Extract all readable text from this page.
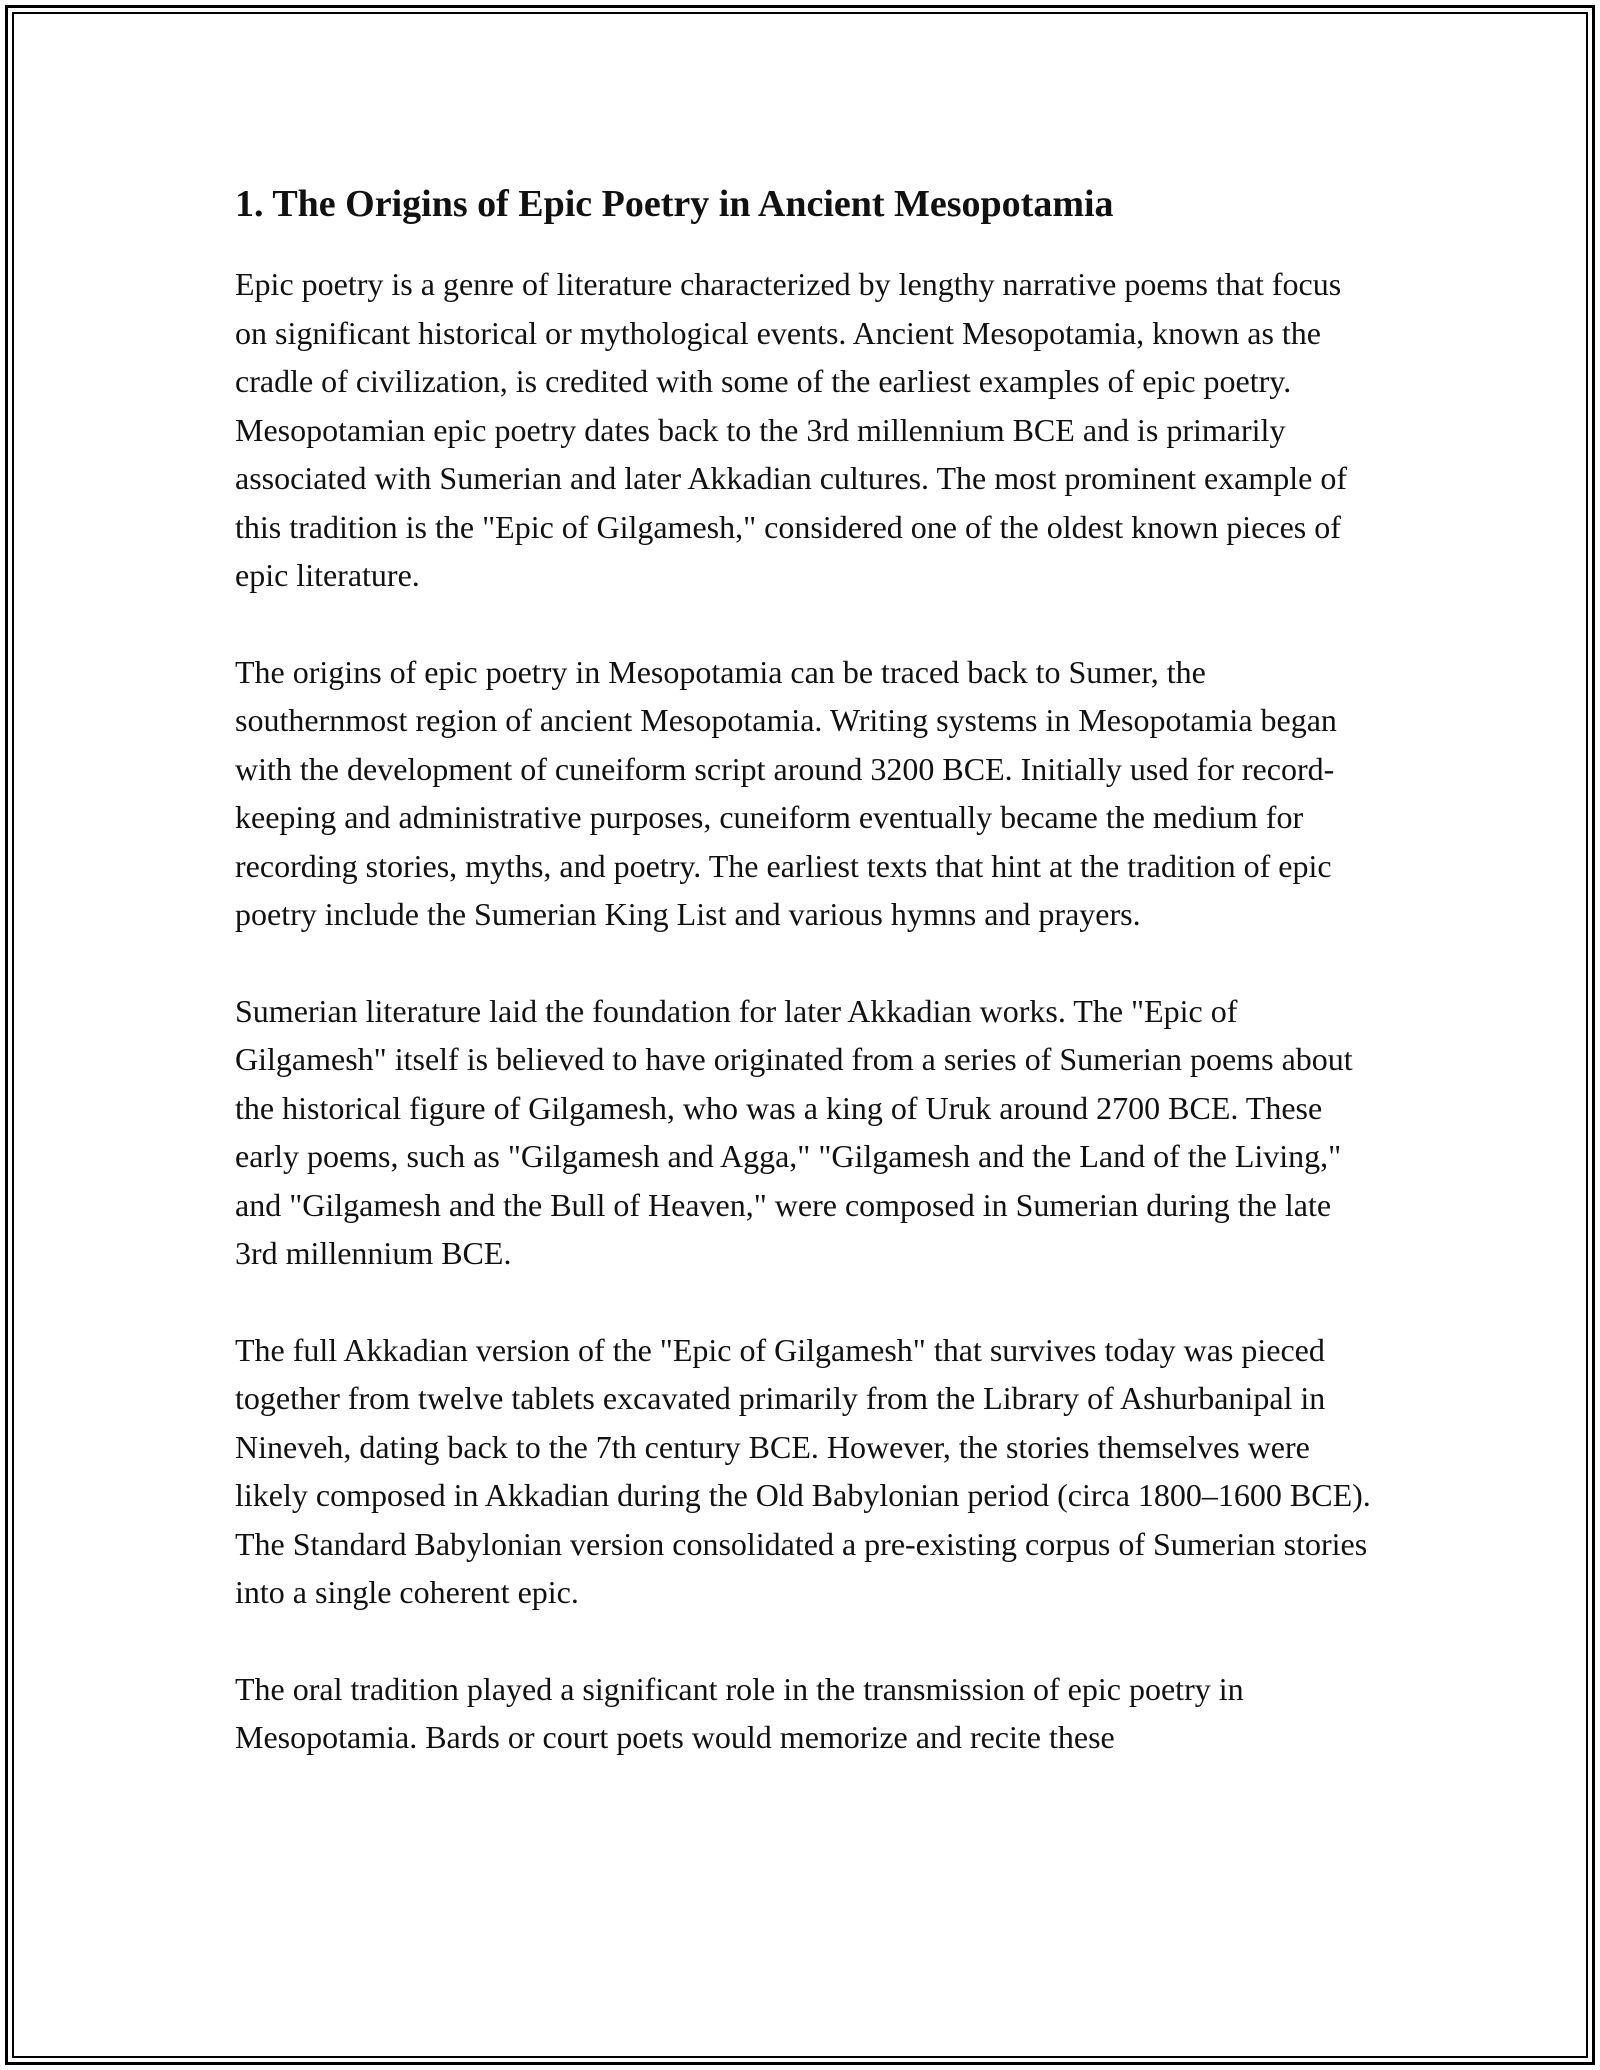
1. The Origins of Epic Poetry in Ancient Mesopotamia

Epic poetry is a genre of literature characterized by lengthy narrative poems that focus on significant historical or mythological events. Ancient Mesopotamia, known as the cradle of civilization, is credited with some of the earliest examples of epic poetry. Mesopotamian epic poetry dates back to the 3rd millennium BCE and is primarily associated with Sumerian and later Akkadian cultures. The most prominent example of this tradition is the "Epic of Gilgamesh," considered one of the oldest known pieces of epic literature.

The origins of epic poetry in Mesopotamia can be traced back to Sumer, the southernmost region of ancient Mesopotamia. Writing systems in Mesopotamia began with the development of cuneiform script around 3200 BCE. Initially used for record-keeping and administrative purposes, cuneiform eventually became the medium for recording stories, myths, and poetry. The earliest texts that hint at the tradition of epic poetry include the Sumerian King List and various hymns and prayers.

Sumerian literature laid the foundation for later Akkadian works. The "Epic of Gilgamesh" itself is believed to have originated from a series of Sumerian poems about the historical figure of Gilgamesh, who was a king of Uruk around 2700 BCE. These early poems, such as "Gilgamesh and Agga," "Gilgamesh and the Land of the Living," and "Gilgamesh and the Bull of Heaven," were composed in Sumerian during the late 3rd millennium BCE.

The full Akkadian version of the "Epic of Gilgamesh" that survives today was pieced together from twelve tablets excavated primarily from the Library of Ashurbanipal in Nineveh, dating back to the 7th century BCE. However, the stories themselves were likely composed in Akkadian during the Old Babylonian period (circa 1800–1600 BCE). The Standard Babylonian version consolidated a pre-existing corpus of Sumerian stories into a single coherent epic.

The oral tradition played a significant role in the transmission of epic poetry in Mesopotamia. Bards or court poets would memorize and recite these
